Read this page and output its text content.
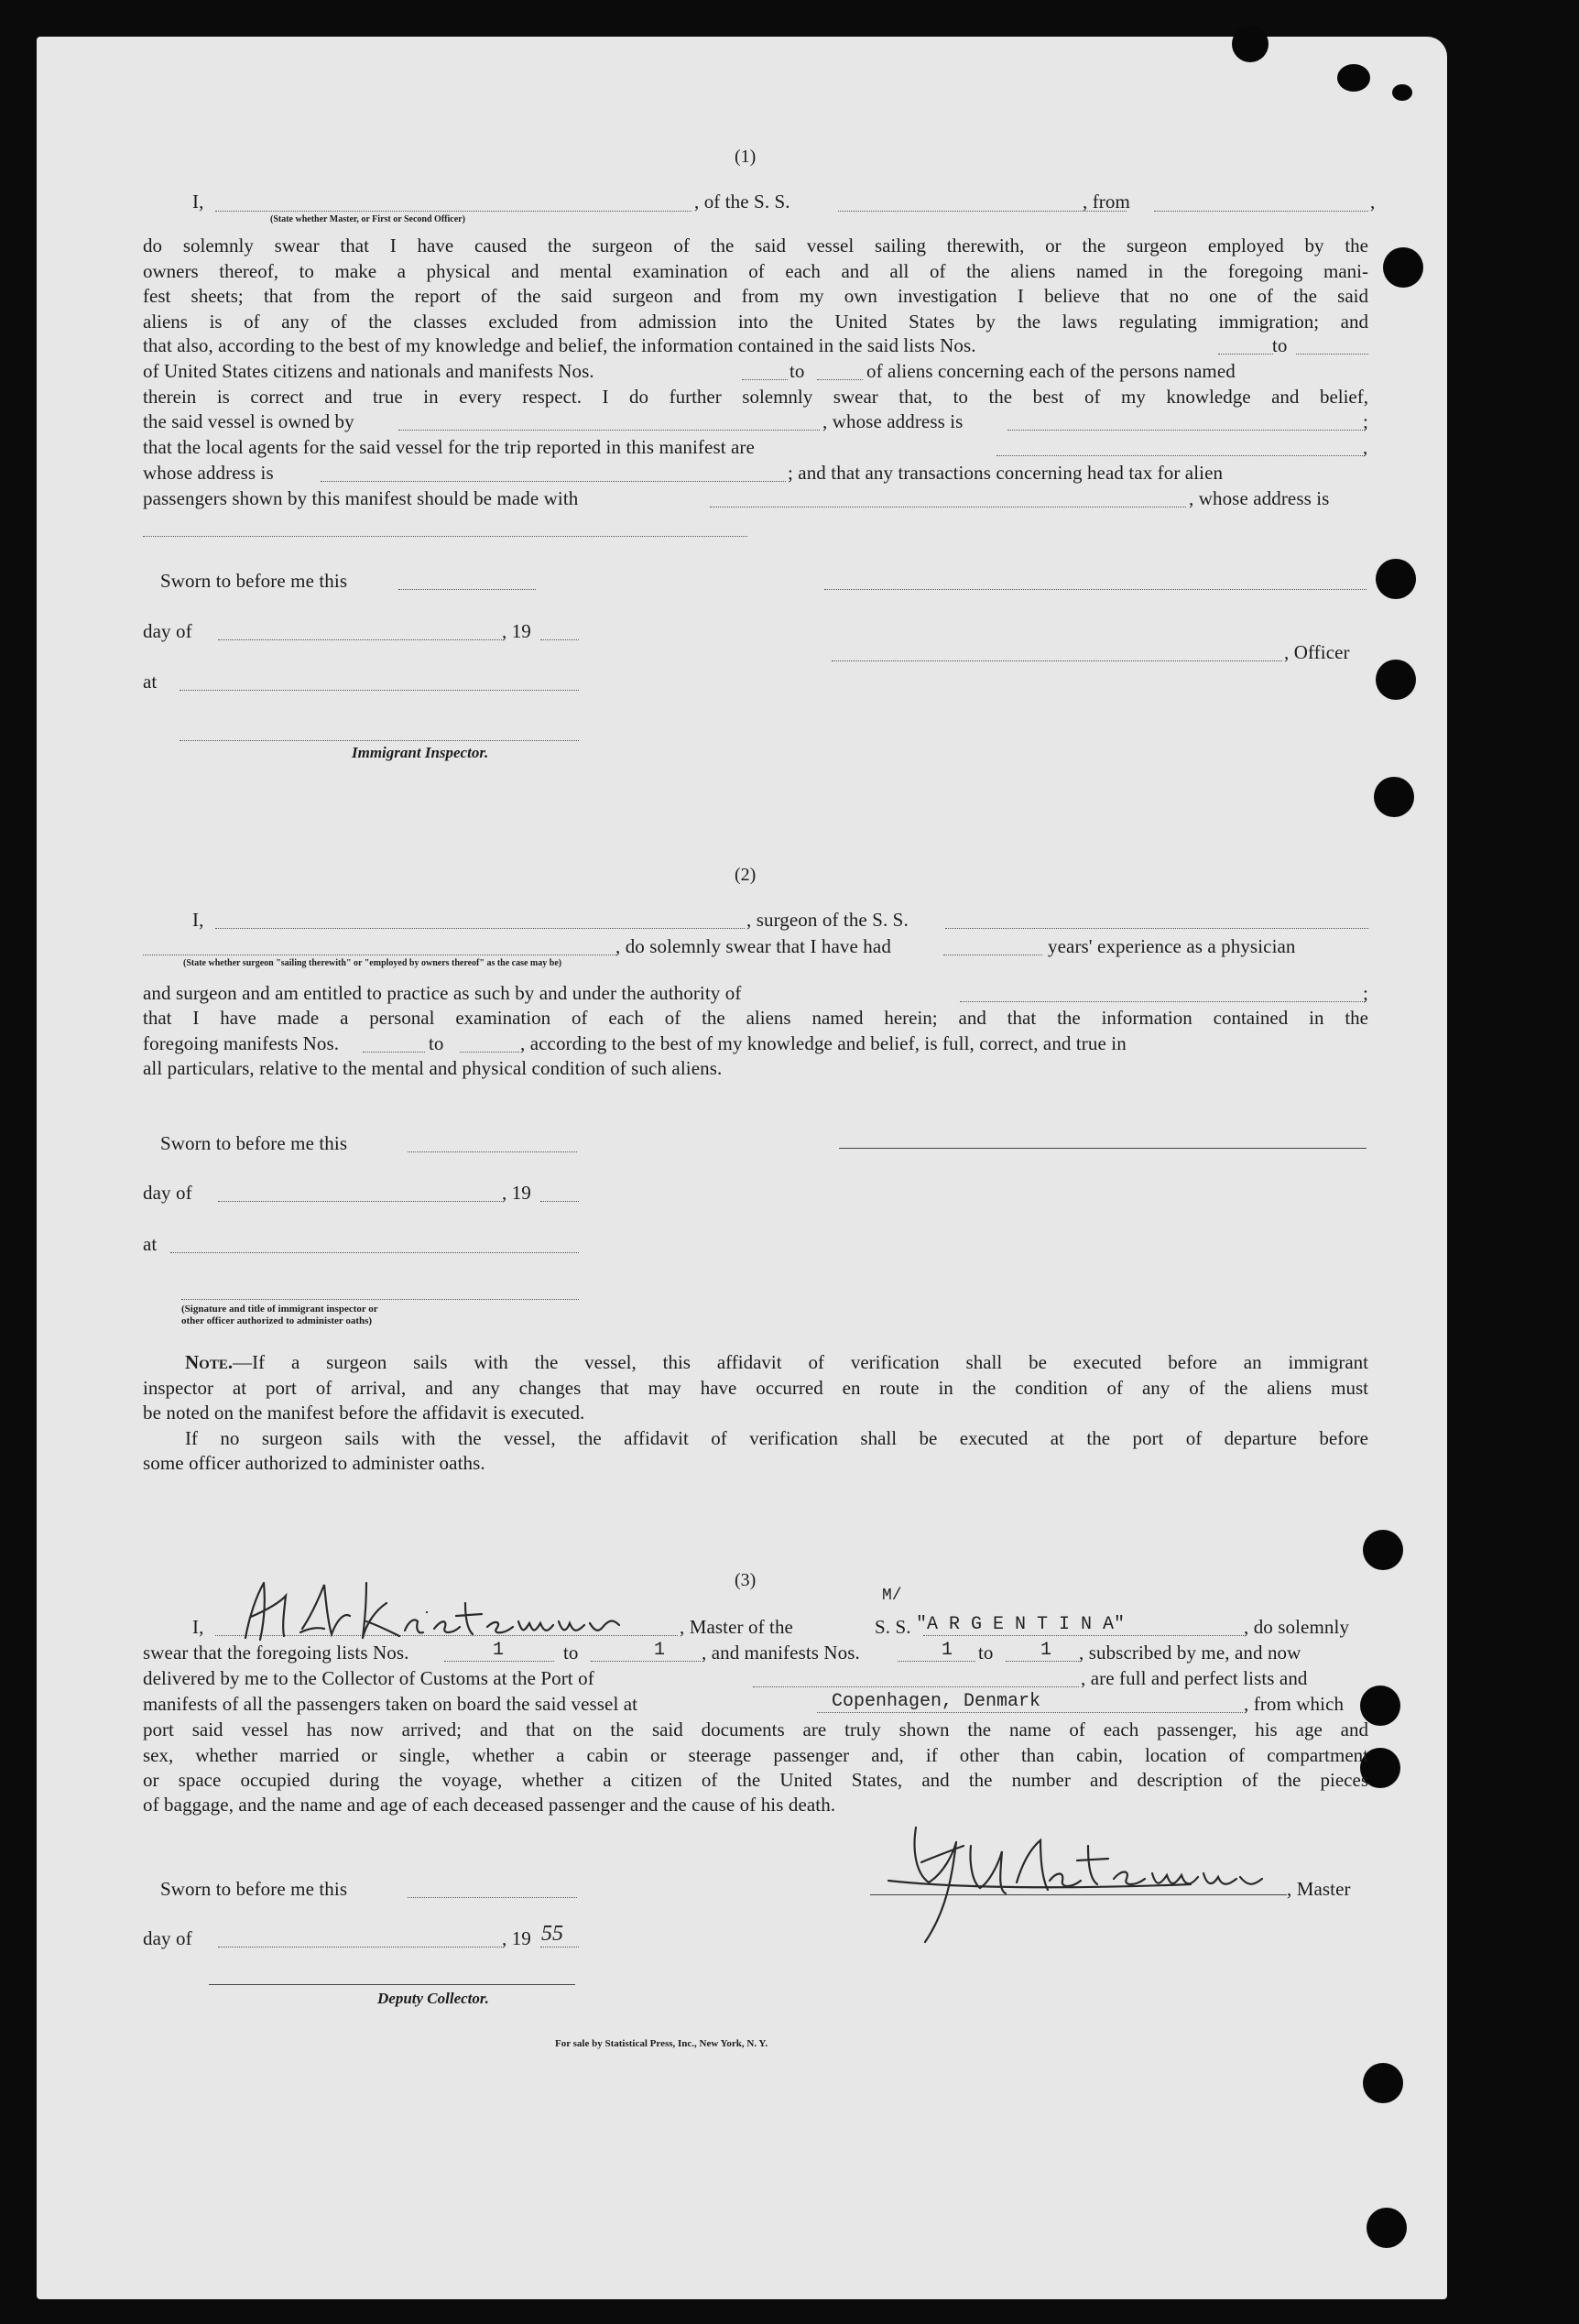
(1)
I,	, of the S. S.	, from	,
(State whether Master, or First or Second Officer)
do solemnly swear that I have caused the surgeon of the said vessel sailing therewith, or the surgeon employed by the
owners thereof, to make a physical and mental examination of each and all of the aliens named in the foregoing mani-
fest sheets; that from the report of the said surgeon and from my own investigation I believe that no one of the said
aliens is of any of the classes excluded from admission into the United States by the laws regulating immigration; and
that also, according to the best of my knowledge and belief, the information contained in the said lists Nos.	to
of United States citizens and nationals and manifests Nos.	to	of aliens concerning each of the persons named
therein is correct and true in every respect. I do further solemnly swear that, to the best of my knowledge and belief,
the said vessel is owned by	, whose address is	;
that the local agents for the said vessel for the trip reported in this manifest are	,
whose address is	; and that any transactions concerning head tax for alien
passengers shown by this manifest should be made with	, whose address is
Sworn to before me this
day of	, 19
, Officer
at
Immigrant Inspector.
(2)
I,	, surgeon of the S. S.
, do solemnly swear that I have had	years' experience as a physician
(State whether surgeon "sailing therewith" or "employed by owners thereof" as the case may be)
and surgeon and am entitled to practice as such by and under the authority of	;
that I have made a personal examination of each of the aliens named herein; and that the information contained in the
foregoing manifests Nos.	to	, according to the best of my knowledge and belief, is full, correct, and true in
all particulars, relative to the mental and physical condition of such aliens.
Sworn to before me this
day of	, 19
at
(Signature and title of immigrant inspector or
other officer authorized to administer oaths)
Note.—If a surgeon sails with the vessel, this affidavit of verification shall be executed before an immigrant
inspector at port of arrival, and any changes that may have occurred en route in the condition of any of the aliens must
be noted on the manifest before the affidavit is executed.
If no surgeon sails with the vessel, the affidavit of verification shall be executed at the port of departure before
some officer authorized to administer oaths.
(3)
I,	, Master of the
M/
S. S. "A R G E N T I N A"	, do solemnly
swear that the foregoing lists Nos.	1	to	1 , and manifests Nos.	1 to	1 , subscribed by me, and now
delivered by me to the Collector of Customs at the Port of	, are full and perfect lists and
manifests of all the passengers taken on board the said vessel at	Copenhagen, Denmark	, from which
port said vessel has now arrived; and that on the said documents are truly shown the name of each passenger, his age and
sex, whether married or single, whether a cabin or steerage passenger and, if other than cabin, location of compartment
or space occupied during the voyage, whether a citizen of the United States, and the number and description of the pieces
of baggage, and the name and age of each deceased passenger and the cause of his death.
Sworn to before me this	, Master
day of	, 19 55
Deputy Collector.
For sale by Statistical Press, Inc., New York, N. Y.
